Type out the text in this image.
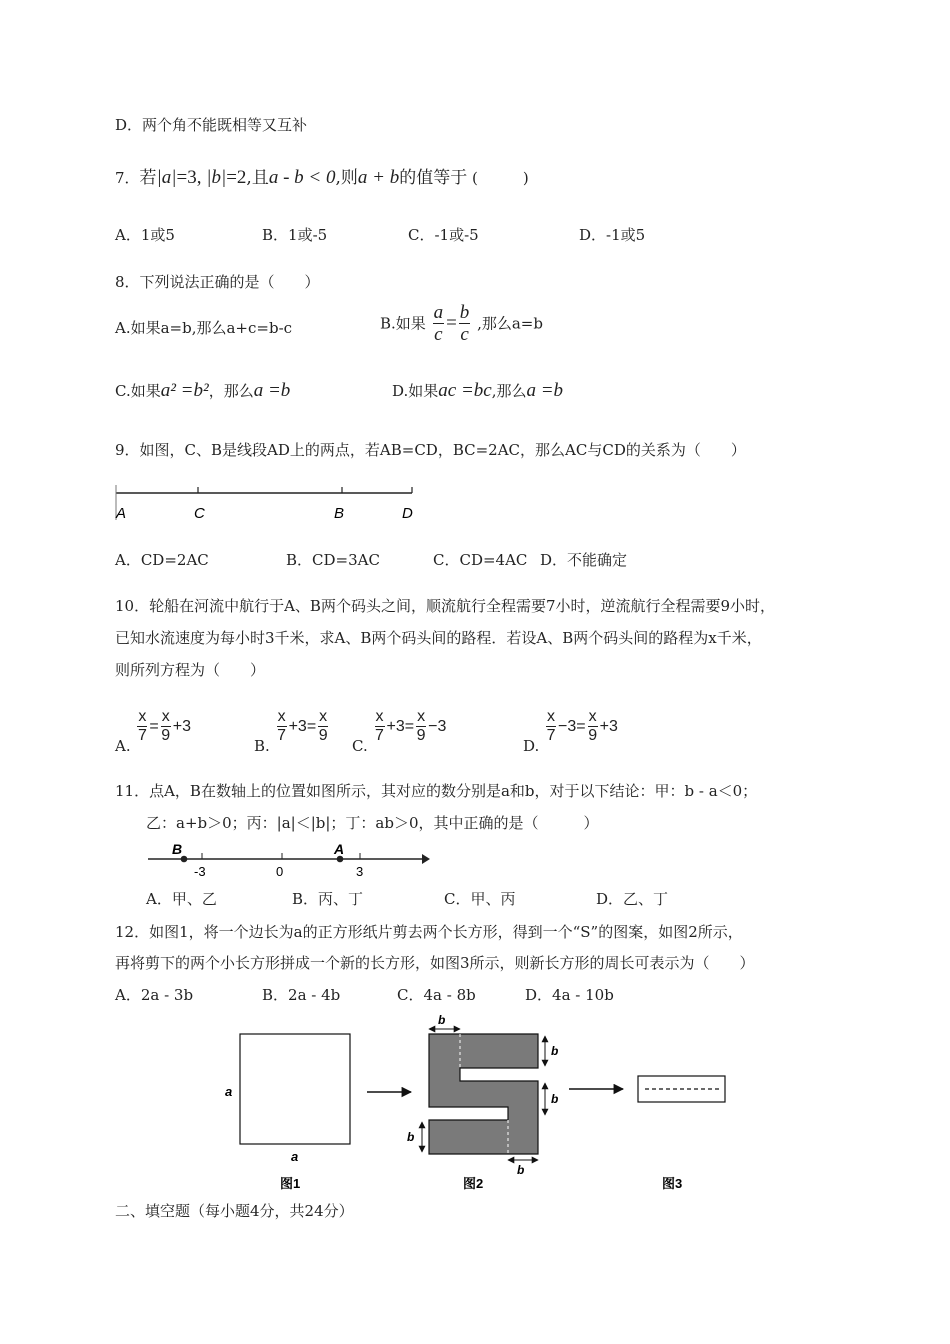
D．两个角不能既相等又互补
7．若|a|=3, |b|=2,且a - b < 0,则a + b的值等于 (　　　)
A．1或5	B．1或-5	C．-1或-5	D．-1或5
8．下列说法正确的是（　　）
A.如果a=b,那么a+c=b-c	B.如果 $\frac{a}{c} = \frac{b}{c}$ ,那么a=b
C.如果a² =b²，那么a =b	D.如果ac =bc,那么a =b
9．如图，C、B是线段AD上的两点，若AB=CD，BC=2AC，那么AC与CD的关系为（　　）
A	C	B	D
A．CD=2AC	B．CD=3AC	C．CD=4AC D．不能确定
10．轮船在河流中航行于A、B两个码头之间，顺流航行全程需要7小时，逆流航行全程需要9小时，
已知水流速度为每小时3千米，求A、B两个码头间的路程．若设A、B两个码头间的路程为x千米，
则所列方程为（　　）
A.
$\frac{x}{7} = \frac{x}{9} +3$
B.
$\frac{x}{7} +3= \frac{x}{9}$
C.
$\frac{x}{7} +3= \frac{x}{9} -3$
D.
$\frac{x}{7} -3= \frac{x}{9} +3$
11．点A，B在数轴上的位置如图所示，其对应的数分别是a和b，对于以下结论：甲：b - a＜0；
乙：a+b＞0；丙：|a|＜|b|；丁：ab＞0，其中正确的是（　　　）
B
-3	0
A
3
A．甲、乙	B．丙、丁	C．甲、丙	D．乙、丁
12．如图1，将一个边长为a的正方形纸片剪去两个长方形，得到一个“S”的图案，如图2所示，
再将剪下的两个小长方形拼成一个新的长方形，如图3所示，则新长方形的周长可表示为（　　）
A．2a - 3b	B．2a - 4b	C．4a - 8b	D．4a - 10b
a
a
b
b
b
b
b
图1	图2	图3
二、填空题（每小题4分，共24分）
